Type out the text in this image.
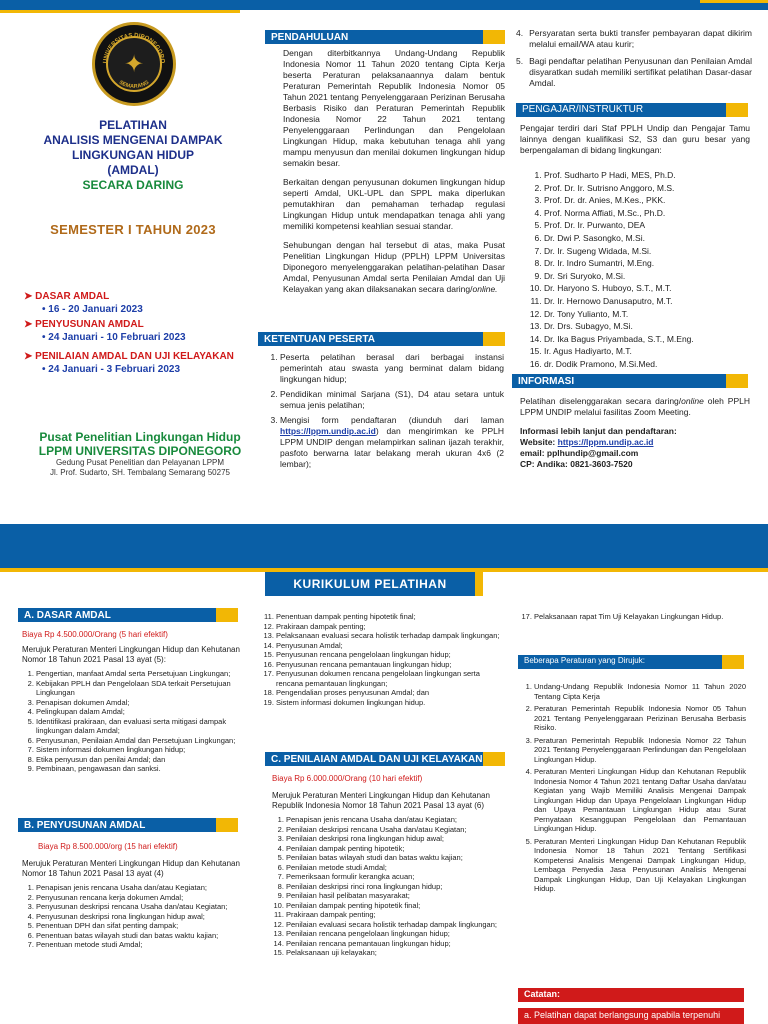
UNIVERSITAS DIPONEGORO
SEMARANG
✦
PELATIHAN
ANALISIS MENGENAI DAMPAK
LINGKUNGAN HIDUP
(AMDAL)
SECARA DARING
SEMESTER I TAHUN 2023
➤ DASAR AMDAL
• 16 - 20 Januari 2023
➤ PENYUSUNAN AMDAL
• 24 Januari - 10 Februari 2023
➤ PENILAIAN AMDAL DAN UJI KELAYAKAN
• 24 Januari - 3 Februari 2023
Pusat Penelitian Lingkungan Hidup
LPPM UNIVERSITAS DIPONEGORO
Gedung Pusat Penelitian dan Pelayanan LPPM
Jl. Prof. Sudarto, SH. Tembalang Semarang 50275
PENDAHULUAN

Dengan diterbitkannya Undang-Undang Republik Indonesia Nomor 11 Tahun 2020 tentang Cipta Kerja beserta Peraturan pelaksanaannya dalam bentuk Peraturan Pemerintah Republik Indonesia Nomor 05 Tahun 2021 tentang Penyelenggaraan Perizinan Berusaha Berbasis Risiko dan Peraturan Pemerintah Republik Indonesia Nomor 22 Tahun 2021 tentang Penyelenggaraan Perlindungan dan Pengelolaan Lingkungan Hidup, maka kebutuhan tenaga ahli yang mampu menyusun dan menilai dokumen lingkungan hidup semakin besar.

Berkaitan dengan penyusunan dokumen lingkungan hidup seperti Amdal, UKL-UPL dan SPPL maka diperlukan pemutakhiran dan pemahaman terhadap regulasi Lingkungan Hidup untuk mendapatkan tenaga ahli yang memiliki kompetensi keahlian sesuai standar.

Sehubungan dengan hal tersebut di atas, maka Pusat Penelitian Lingkungan Hidup (PPLH) LPPM Universitas Diponegoro menyelenggarakan pelatihan-pelatihan Dasar Amdal, Penyusunan Amdal serta Penilaian Amdal dan Uji Kelayakan yang akan dilaksanakan secara daring/online.

KETENTUAN PESERTA
1. Peserta pelatihan berasal dari berbagai instansi pemerintah atau swasta yang berminat dalam bidang lingkungan hidup;
2. Pendidikan minimal Sarjana (S1), D4 atau setara untuk semua jenis pelatihan;
3. Mengisi form pendaftaran (diunduh dari laman https://lppm.undip.ac.id) dan mengirimkan ke PPLH LPPM UNDIP dengan melampirkan salinan ijazah terakhir, pasfoto berwarna latar belakang merah ukuran 4x6 (2 lembar);
4. Persyaratan serta bukti transfer pembayaran dapat dikirim melalui email/WA atau kurir;
5. Bagi pendaftar pelatihan Penyusunan dan Penilaian Amdal disyaratkan sudah memiliki sertifikat pelatihan Dasar-dasar Amdal.
PENGAJAR/INSTRUKTUR

Pengajar terdiri dari Staf PPLH Undip dan Pengajar Tamu lainnya dengan kualifikasi S2, S3 dan guru besar yang berpengalaman di bidang lingkungan:

1. Prof. Sudharto P Hadi, MES, Ph.D.
2. Prof. Dr. Ir. Sutrisno Anggoro, M.S.
3. Prof. Dr. dr. Anies, M.Kes., PKK.
4. Prof. Norma Affiati, M.Sc., Ph.D.
5. Prof. Dr. Ir. Purwanto, DEA
6. Dr. Dwi P. Sasongko, M.Si.
7. Dr. Ir. Sugeng Widada, M.Si.
8. Dr. Ir. Indro Sumantri, M.Eng.
9. Dr. Sri Suryoko, M.Si.
10. Dr. Haryono S. Huboyo, S.T., M.T.
11. Dr. Ir. Hernowo Danusaputro, M.T.
12. Dr. Tony Yulianto, M.T.
13. Dr. Drs. Subagyo, M.Si.
14. Dr. Ika Bagus Priyambada, S.T., M.Eng.
15. Ir. Agus Hadiyarto, M.T.
16. dr. Dodik Pramono, M.Si.Med.
INFORMASI

Pelatihan diselenggarakan secara daring/online oleh PPLH LPPM UNDIP melalui fasilitas Zoom Meeting.

Informasi lebih lanjut dan pendaftaran:

Website: https://lppm.undip.ac.id

email: pplhundip@gmail.com

CP: Andika: 0821-3603-7520

KURIKULUM PELATIHAN
A. DASAR AMDAL
Biaya Rp 4.500.000/Orang (5 hari efektif)

Merujuk Peraturan Menteri Lingkungan Hidup dan Kehutanan Nomor 18 Tahun 2021 Pasal 13 ayat (5):

1. Pengertian, manfaat Amdal serta Persetujuan Lingkungan;
2. Kebijakan PPLH dan Pengelolaan SDA terkait Persetujuan Lingkungan
3. Penapisan dokumen Amdal;
4. Pelingkupan dalam Amdal;
5. Identifikasi prakiraan, dan evaluasi serta mitigasi dampak lingkungan dalam Amdal;
6. Penyusunan, Penilaian Amdal dan Persetujuan Lingkungan;
7. Sistem informasi dokumen lingkungan hidup;
8. Etika penyusun dan penilai Amdal; dan
9. Pembinaan, pengawasan dan sanksi.
B. PENYUSUNAN AMDAL
Biaya Rp 8.500.000/org (15 hari efektif)

Merujuk Peraturan Menteri Lingkungan Hidup dan Kehutanan Nomor 18 Tahun 2021 Pasal 13 ayat (4)

1. Penapisan jenis rencana Usaha dan/atau Kegiatan;
2. Penyusunan rencana kerja dokumen Amdal;
3. Penyusunan deskripsi rencana Usaha dan/atau Kegiatan;
4. Penyusunan deskripsi rona lingkungan hidup awal;
5. Penentuan DPH dan sifat penting dampak;
6. Penentuan batas wilayah studi dan batas waktu kajian;
7. Penentuan metode studi Amdal;
11. Penentuan dampak penting hipotetik final;
12. Prakiraan dampak penting;
13. Pelaksanaan evaluasi secara holistik terhadap dampak lingkungan;
14. Penyusunan Amdal;
15. Penyusunan rencana pengelolaan lingkungan hidup;
16. Penyusunan rencana pemantauan lingkungan hidup;
17. Penyusunan dokumen rencana pengelolaan lingkungan serta rencana pemantauan lingkungan;
18. Pengendalian proses penyusunan Amdal; dan
19. Sistem informasi dokumen lingkungan hidup.
C. PENILAIAN AMDAL DAN UJI KELAYAKAN
Biaya Rp 6.000.000/Orang (10 hari efektif)

Merujuk Peraturan Menteri Lingkungan Hidup dan Kehutanan Republik Indonesia Nomor 18 Tahun 2021 Pasal 13 ayat (6)

1. Penapisan jenis rencana Usaha dan/atau Kegiatan;
2. Penilaian deskripsi rencana Usaha dan/atau Kegiatan;
3. Penilaian deskripsi rona lingkungan hidup awal;
4. Penilaian dampak penting hipotetik;
5. Penilaian batas wilayah studi dan batas waktu kajian;
6. Penilaian metode studi Amdal;
7. Pemeriksaan formulir kerangka acuan;
8. Penilaian deskripsi rinci rona lingkungan hidup;
9. Penilaian hasil pelibatan masyarakat;
10. Penilaian dampak penting hipotetik final;
11. Prakiraan dampak penting;
12. Penilaian evaluasi secara holistik terhadap dampak lingkungan;
13. Penilaian rencana pengelolaan lingkungan hidup;
14. Penilaian rencana pemantauan lingkungan hidup;
15. Pelaksanaan uji kelayakan;
17. Pelaksanaan rapat Tim Uji Kelayakan Lingkungan Hidup.
Beberapa Peraturan yang Dirujuk:
1. Undang-Undang Republik Indonesia Nomor 11 Tahun 2020 Tentang Cipta Kerja
2. Peraturan Pemerintah Republik Indonesia Nomor 05 Tahun 2021 Tentang Penyelenggaraan Perizinan Berusaha Berbasis Risiko.
3. Peraturan Pemerintah Republik Indonesia Nomor 22 Tahun 2021 Tentang Penyelenggaraan Perlindungan dan Pengelolaan Lingkungan Hidup.
4. Peraturan Menteri Lingkungan Hidup dan Kehutanan Republik Indonesia Nomor 4 Tahun 2021 tentang Daftar Usaha dan/atau Kegiatan yang Wajib Memiliki Analisis Mengenai Dampak Lingkungan Hidup dan Upaya Pengelolaan Lingkungan Hidup dan Upaya Pemantauan Lingkungan Hidup atau Surat Pernyataan Kesanggupan Pengelolaan dan Pemantauan Lingkungan Hidup.
5. Peraturan Menteri Lingkungan Hidup Dan Kehutanan Republik Indonesia Nomor 18 Tahun 2021 Tentang Sertifikasi Kompetensi Analisis Mengenai Dampak Lingkungan Hidup, Lembaga Penyedia Jasa Penyusunan Analisis Mengenai Dampak Lingkungan Hidup, Dan Uji Kelayakan Lingkungan Hidup.
Catatan:
a. Pelatihan dapat berlangsung apabila terpenuhi
